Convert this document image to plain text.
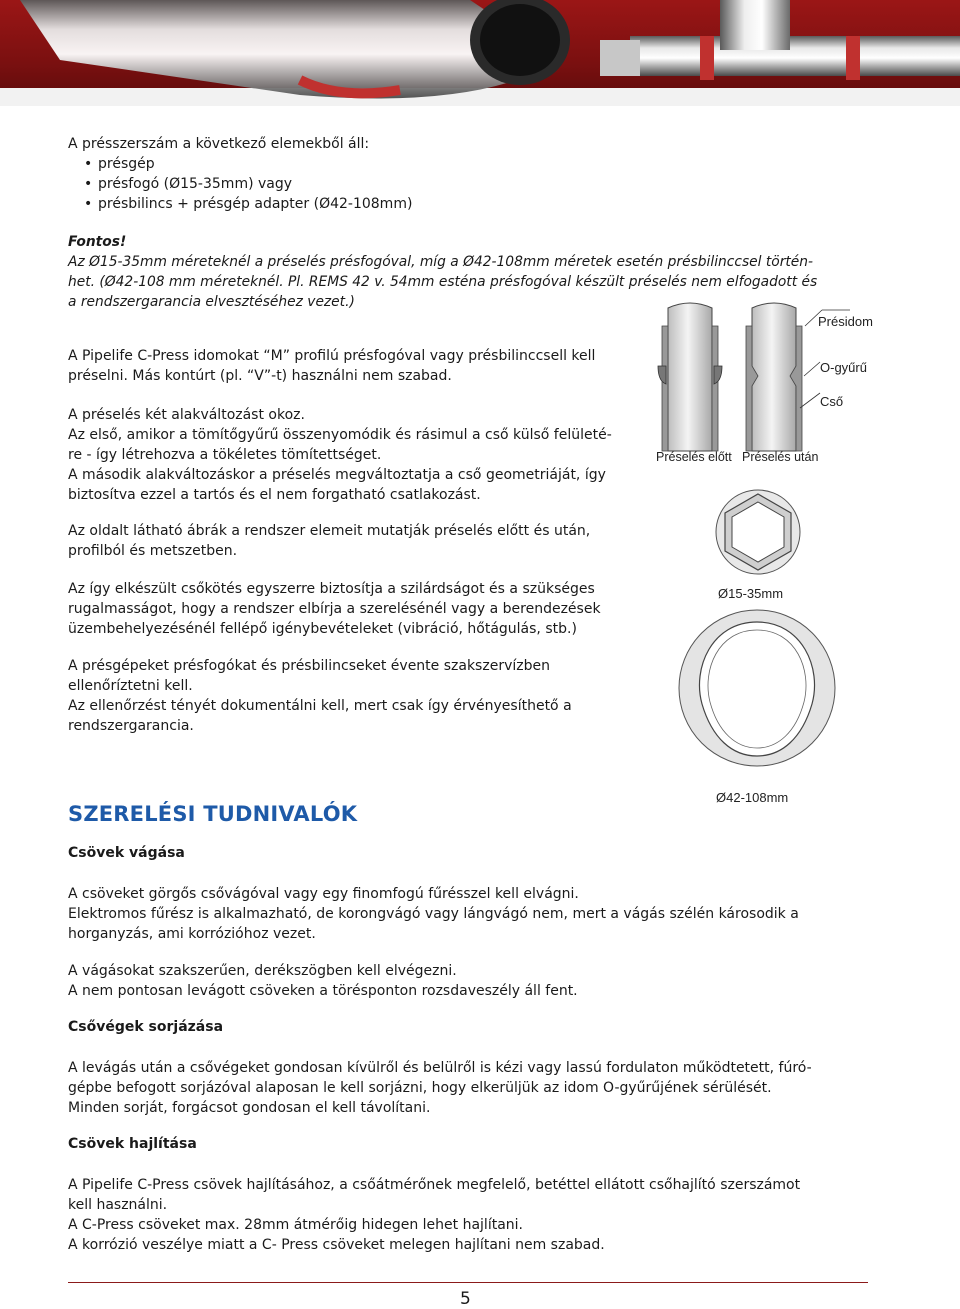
A présszerszám a következő elemekből áll:

• présgép
• présfogó (Ø15-35mm) vagy
• présbilincs + présgép adapter (Ø42-108mm)

Fontos!

Az Ø15-35mm méreteknél a préselés présfogóval, míg a Ø42-108mm méretek esetén présbilinccsel történ-

het. (Ø42-108 mm méreteknél. Pl. REMS 42 v. 54mm esténa présfogóval készült préselés nem elfogadott és

a rendszergarancia elvesztéséhez vezet.)

A Pipelife C-Press idomokat “M” profilú présfogóval vagy présbilinccsell kell

préselni. Más kontúrt (pl. “V”-t) használni nem szabad.

A préselés két alakváltozást okoz.

Az első, amikor a tömítőgyűrű összenyomódik és rásimul a cső külső felületé-

re - így létrehozva a tökéletes tömítettséget.

A második alakváltozáskor a préselés megváltoztatja a cső geometriáját, így

biztosítva ezzel a tartós és el nem forgatható csatlakozást.

Az oldalt látható ábrák a rendszer elemeit mutatják préselés előtt és után,

profilból és metszetben.

Az így elkészült csőkötés egyszerre biztosítja a szilárdságot és a szükséges

rugalmasságot, hogy a rendszer elbírja a szerelésénél vagy a berendezések

üzembehelyezésénél fellépő igénybevételeket (vibráció, hőtágulás, stb.)

A présgépeket présfogókat és présbilincseket évente szakszervízben

ellenőríztetni kell.

Az ellenőrzést tényét dokumentálni kell, mert csak így érvényesíthető a

rendszergarancia.

Présidom
O-gyűrű
Cső
Préselés előtt Préselés után
Ø15-35mm
Ø42-108mm
SZERELÉSI TUDNIVALÓK
Csövek vágása

A csöveket görgős csővágóval vagy egy finomfogú fűrésszel kell elvágni.

Elektromos fűrész is alkalmazható, de korongvágó vagy lángvágó nem, mert a vágás szélén károsodik a

horganyzás, ami korrózióhoz vezet.

A vágásokat szakszerűen, derékszögben kell elvégezni.

A nem pontosan levágott csöveken a törésponton rozsdaveszély áll fent.

Csővégek sorjázása

A levágás után a csővégeket gondosan kívülről és belülről is kézi vagy lassú fordulaton működtetett, fúró-

gépbe befogott sorjázóval alaposan le kell sorjázni, hogy elkerüljük az idom O-gyűrűjének sérülését.

Minden sorját, forgácsot gondosan el kell távolítani.

Csövek hajlítása

A Pipelife C-Press csövek hajlításához, a csőátmérőnek megfelelő, betéttel ellátott csőhajlító szerszámot

kell használni.

A C-Press csöveket max. 28mm átmérőig hidegen lehet hajlítani.

A korrózió veszélye miatt a C- Press csöveket melegen hajlítani nem szabad.

5
